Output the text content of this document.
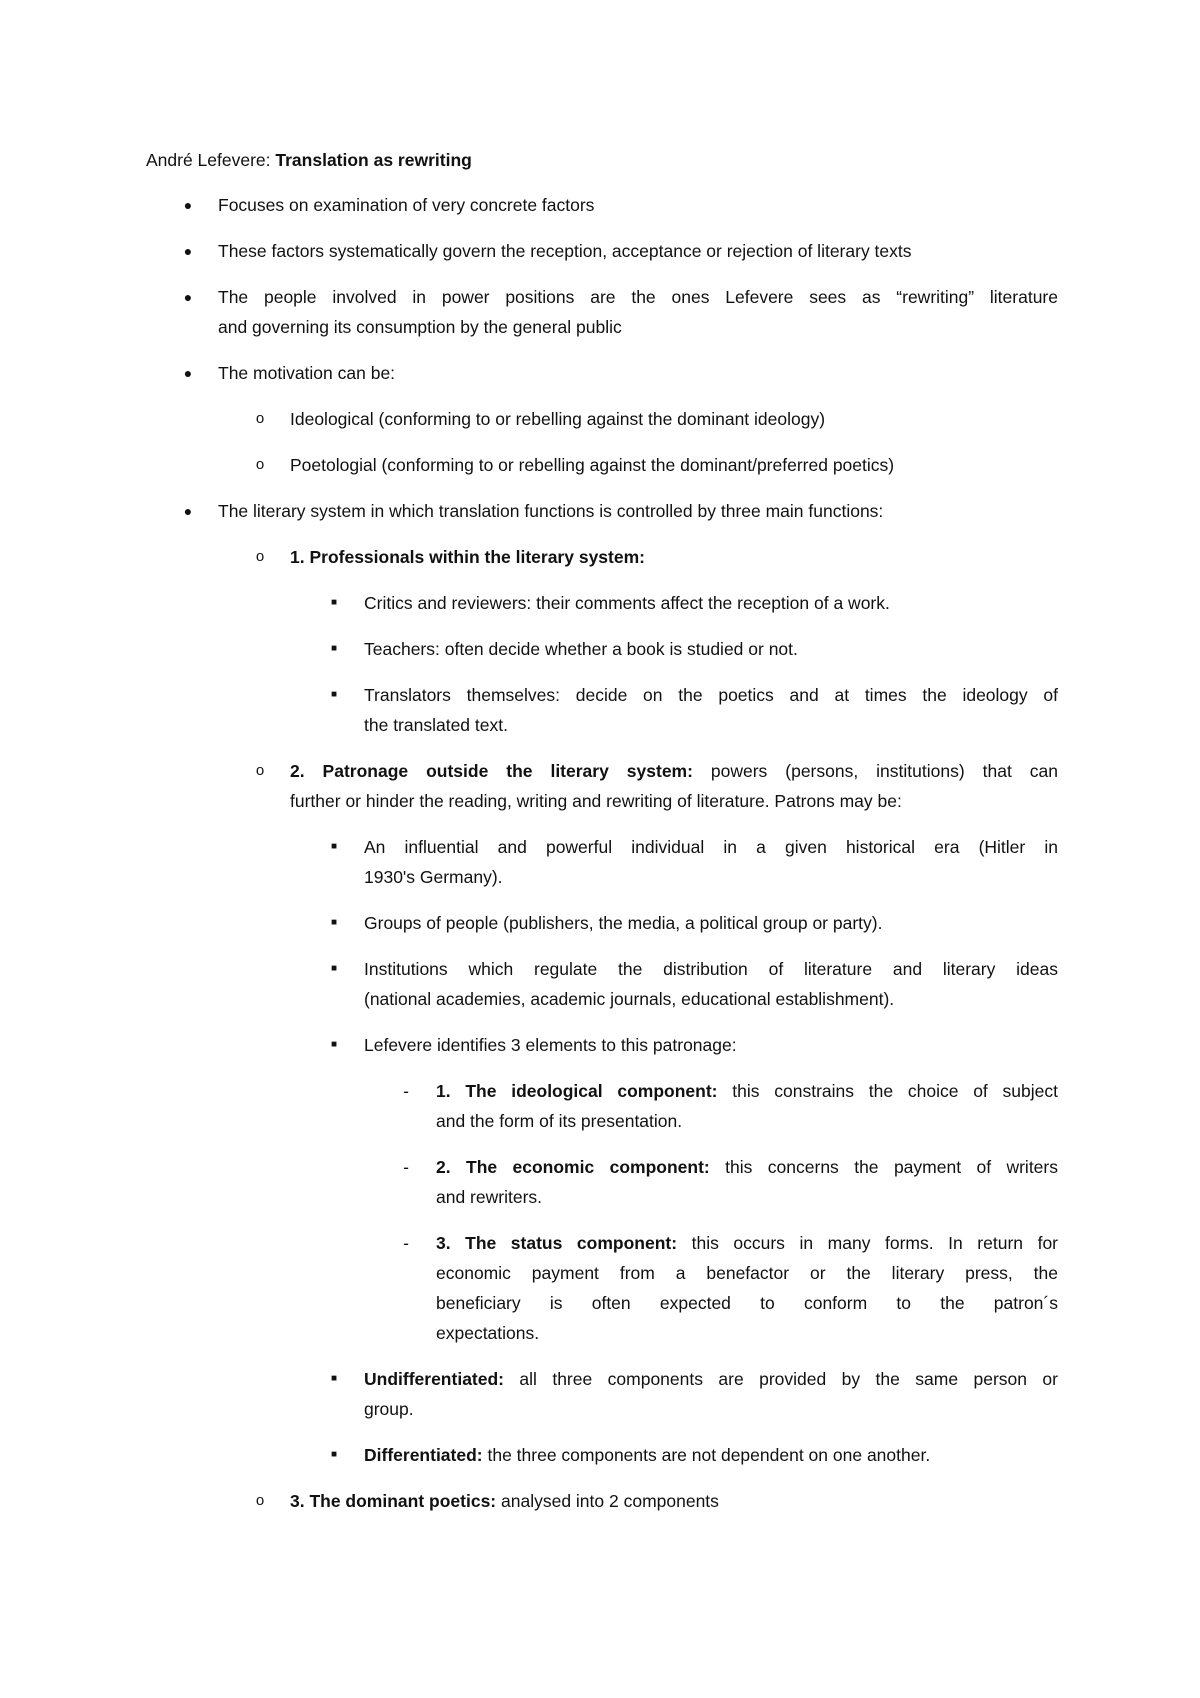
André Lefevere: Translation as rewriting
●	Focuses on examination of very concrete factors
●	These factors systematically govern the reception, acceptance or rejection of literary texts
●	The people involved in power positions are the ones Lefevere sees as “rewriting” literature
and governing its consumption by the general public
●	The motivation can be:
o	Ideological (conforming to or rebelling against the dominant ideology)
o	Poetologial (conforming to or rebelling against the dominant/preferred poetics)
●	The literary system in which translation functions is controlled by three main functions:
o	1. Professionals within the literary system:
■	Critics and reviewers: their comments affect the reception of a work.
■	Teachers: often decide whether a book is studied or not.
■	Translators themselves: decide on the poetics and at times the ideology of
the translated text.
o	2. Patronage outside the literary system: powers (persons, institutions) that can
further or hinder the reading, writing and rewriting of literature. Patrons may be:
■	An influential and powerful individual in a given historical era (Hitler in
1930's Germany).
■	Groups of people (publishers, the media, a political group or party).
■	Institutions which regulate the distribution of literature and literary ideas
(national academies, academic journals, educational establishment).
■	Lefevere identifies 3 elements to this patronage:
-	1. The ideological component: this constrains the choice of subject
and the form of its presentation.
-	2. The economic component: this concerns the payment of writers
and rewriters.
-	3. The status component: this occurs in many forms. In return for
economic payment from a benefactor or the literary press, the
beneficiary is often expected to conform to the patron´s
expectations.
■	Undifferentiated: all three components are provided by the same person or
group.
■	Differentiated: the three components are not dependent on one another.
o	3. The dominant poetics: analysed into 2 components
